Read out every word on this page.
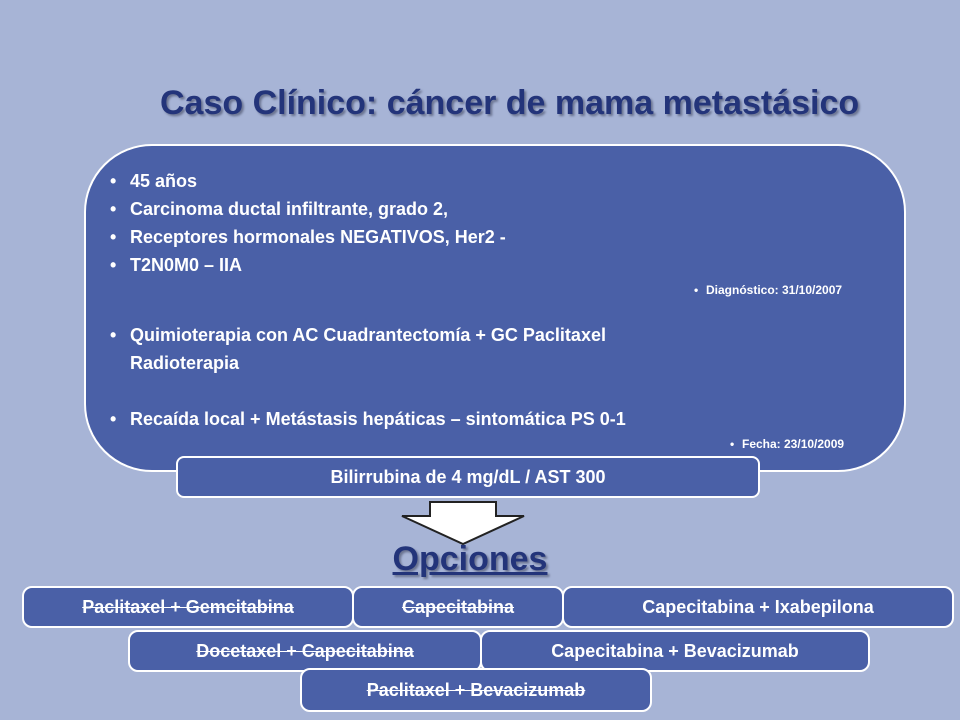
Caso Clínico: cáncer de mama metastásico
• 45 años
• Carcinoma ductal infiltrante, grado 2,
• Receptores hormonales NEGATIVOS, Her2 -
• T2N0M0 – IIA
• Diagnóstico: 31/10/2007
• Quimioterapia con AC Cuadrantectomía + GC Paclitaxel
Radioterapia
• Recaída local + Metástasis hepáticas – sintomática PS 0-1
• Fecha: 23/10/2009
Bilirrubina de 4 mg/dL / AST 300
Opciones
Paclitaxel + Gemcitabina	Capecitabina	Capecitabina + Ixabepilona
Docetaxel + Capecitabina	Capecitabina + Bevacizumab
Paclitaxel + Bevacizumab
